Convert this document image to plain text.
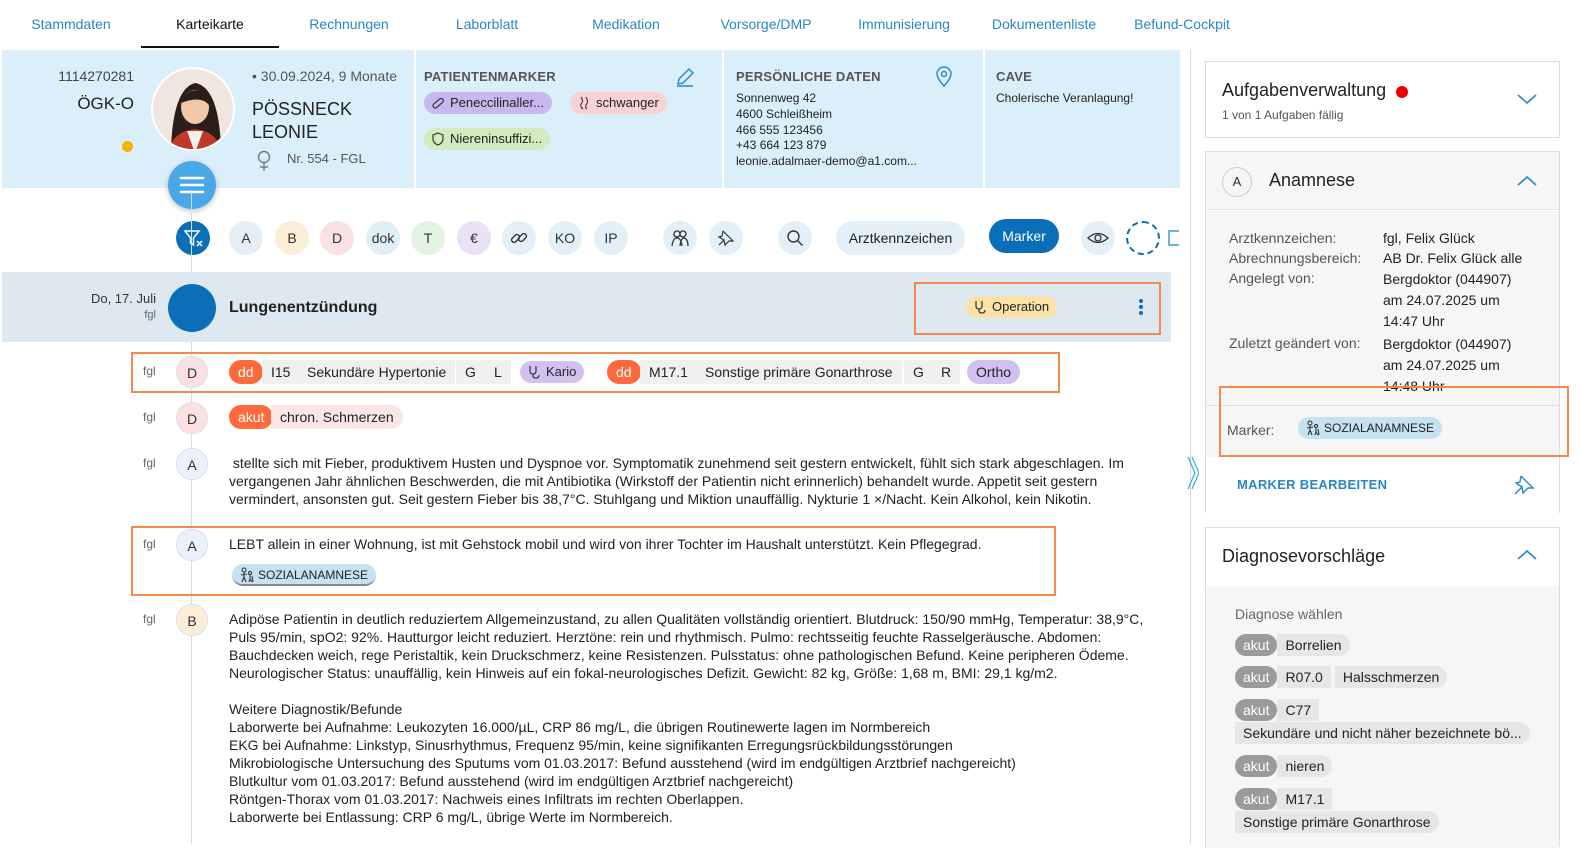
Stammdaten	Karteikarte	Rechnungen	Laborblatt	Medikation	Vorsorge/DMP	Immunisierung	Dokumentenliste	Befund-Cockpit
1114270281
ÖGK-O
• 30.09.2024, 9 Monate
PÖSSNECK
LEONIE
Nr. 554 - FGL
PATIENTENMARKER
Peneccilinaller...	schwanger
Niereninsuffizi...
PERSÖNLICHE DATEN
Sonnenweg 42
4600 Schleißheim
466 555 123456
+43 664 123 879
leonie.adalmaer-demo@a1.com...
CAVE
Cholerische Veranlagung!
A	B	D	dok	T	€	KO	IP	Arztkennzeichen	Marker
Do, 17. Juli
fgl	Lungenentzündung	Operation
fgl	D	dd	I15	Sekundäre Hypertonie	G	L	Kario	dd	M17.1	Sonstige primäre Gonarthrose	G	R	Ortho
fgl	D	akut	chron. Schmerzen
fgl	A	stellte sich mit Fieber, produktivem Husten und Dyspnoe vor. Symptomatik zunehmend seit gestern entwickelt, fühlt sich stark abgeschlagen. Im
vergangenen Jahr ähnlichen Beschwerden, die mit Antibiotika (Wirkstoff der Patientin nicht erinnerlich) behandelt wurde. Appetit seit gestern
vermindert, ansonsten gut. Seit gestern Fieber bis 38,7°C. Stuhlgang und Miktion unauffällig. Nykturie 1 ×/Nacht. Kein Alkohol, kein Nikotin.
fgl	A	LEBT allein in einer Wohnung, ist mit Gehstock mobil und wird von ihrer Tochter im Haushalt unterstützt. Kein Pflegegrad.
SOZIALANAMNESE
fgl	B	Adipöse Patientin in deutlich reduziertem Allgemeinzustand, zu allen Qualitäten vollständig orientiert. Blutdruck: 150/90 mmHg, Temperatur: 38,9°C,
Puls 95/min, spO2: 92%. Hautturgor leicht reduziert. Herztöne: rein und rhythmisch. Pulmo: rechtsseitig feuchte Rasselgeräusche. Abdomen:
Bauchdecken weich, rege Peristaltik, kein Druckschmerz, keine Resistenzen. Pulsstatus: ohne pathologischen Befund. Keine peripheren Ödeme.
Neurologischer Status: unauffällig, kein Hinweis auf ein fokal-neurologisches Defizit. Gewicht: 82 kg, Größe: 1,68 m, BMI: 29,1 kg/m2.
Weitere Diagnostik/Befunde
Laborwerte bei Aufnahme: Leukozyten 16.000/µL, CRP 86 mg/L, die übrigen Routinewerte lagen im Normbereich
EKG bei Aufnahme: Linkstyp, Sinusrhythmus, Frequenz 95/min, keine signifikanten Erregungsrückbildungsstörungen
Mikrobiologische Untersuchung des Sputums vom 01.03.2017: Befund ausstehend (wird im endgültigen Arztbrief nachgereicht)
Blutkultur vom 01.03.2017: Befund ausstehend (wird im endgültigen Arztbrief nachgereicht)
Röntgen-Thorax vom 01.03.2017: Nachweis eines Infiltrats im rechten Oberlappen.
Laborwerte bei Entlassung: CRP 6 mg/L, übrige Werte im Normbereich.
Aufgabenverwaltung
1 von 1 Aufgaben fällig
A	Anamnese
Arztkennzeichen:	fgl, Felix Glück
Abrechnungsbereich: AB Dr. Felix Glück alle
Angelegt von:	Bergdoktor (044907)
am 24.07.2025 um
14:47 Uhr
Zuletzt geändert von: Bergdoktor (044907)
am 24.07.2025 um
14:48 Uhr
Marker:	SOZIALANAMNESE
MARKER BEARBEITEN
Diagnosevorschläge
Diagnose wählen
akut Borrelien
akut R07.0 Halsschmerzen
akut C77
Sekundäre und nicht näher bezeichnete bö...
akut nieren
akut M17.1
Sonstige primäre Gonarthrose
